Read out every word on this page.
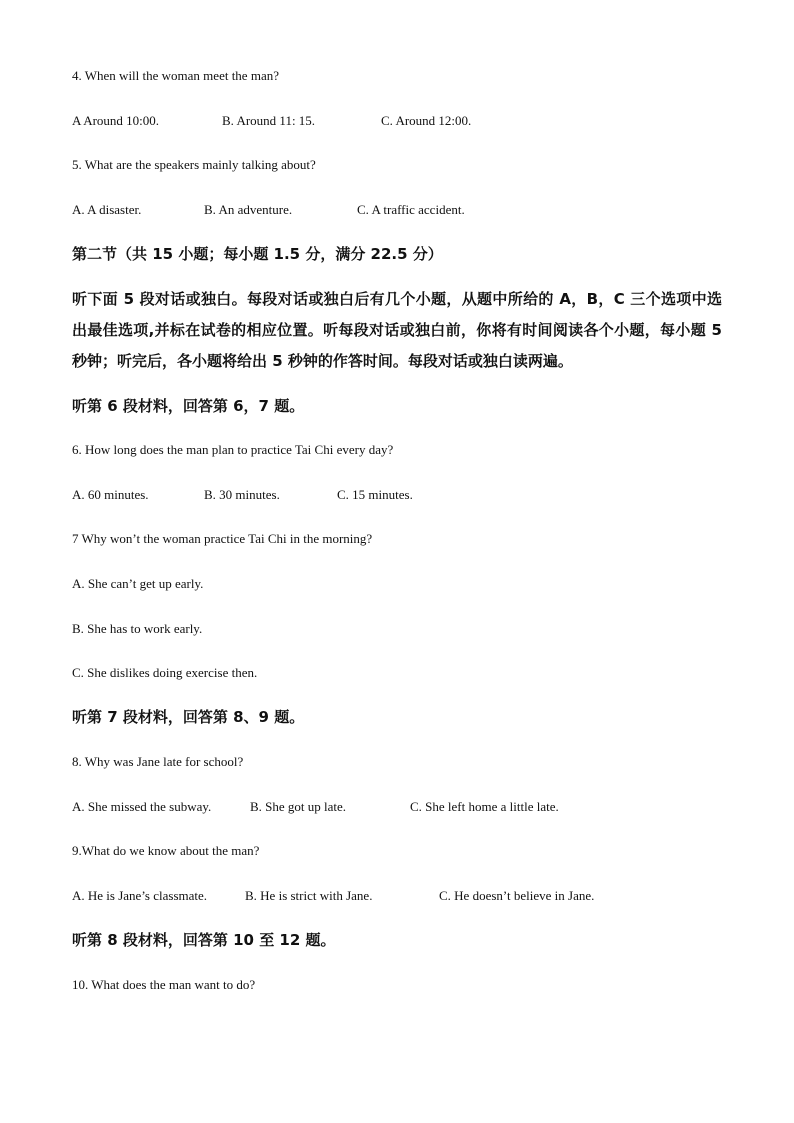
4. When will the woman meet the man?
A Around 10:00.	B. Around 11: 15.	C. Around 12:00.
5. What are the speakers mainly talking about?
A. A disaster.	B. An adventure.	C. A traffic accident.
第二节（共 15 小题；每小题 1.5 分，满分 22.5 分）
听下面 5 段对话或独白。每段对话或独白后有几个小题，从题中所给的 A，B，C 三个选项中选出最佳选项,并标在试卷的相应位置。听每段对话或独白前，你将有时间阅读各个小题，每小题 5 秒钟；听完后，各小题将给出 5 秒钟的作答时间。每段对话或独白读两遍。
听第 6 段材料，回答第 6，7 题。
6. How long does the man plan to practice Tai Chi every day?
A. 60 minutes.	B. 30 minutes.	C. 15 minutes.
7 Why won’t the woman practice Tai Chi in the morning?
A. She can’t get up early.
B. She has to work early.
C. She dislikes doing exercise then.
听第 7 段材料，回答第 8、9 题。
8. Why was Jane late for school?
A. She missed the subway.	B. She got up late.	C. She left home a little late.
9.What do we know about the man?
A. He is Jane’s classmate.	B. He is strict with Jane.	C. He doesn’t believe in Jane.
听第 8 段材料，回答第 10 至 12 题。
10. What does the man want to do?
